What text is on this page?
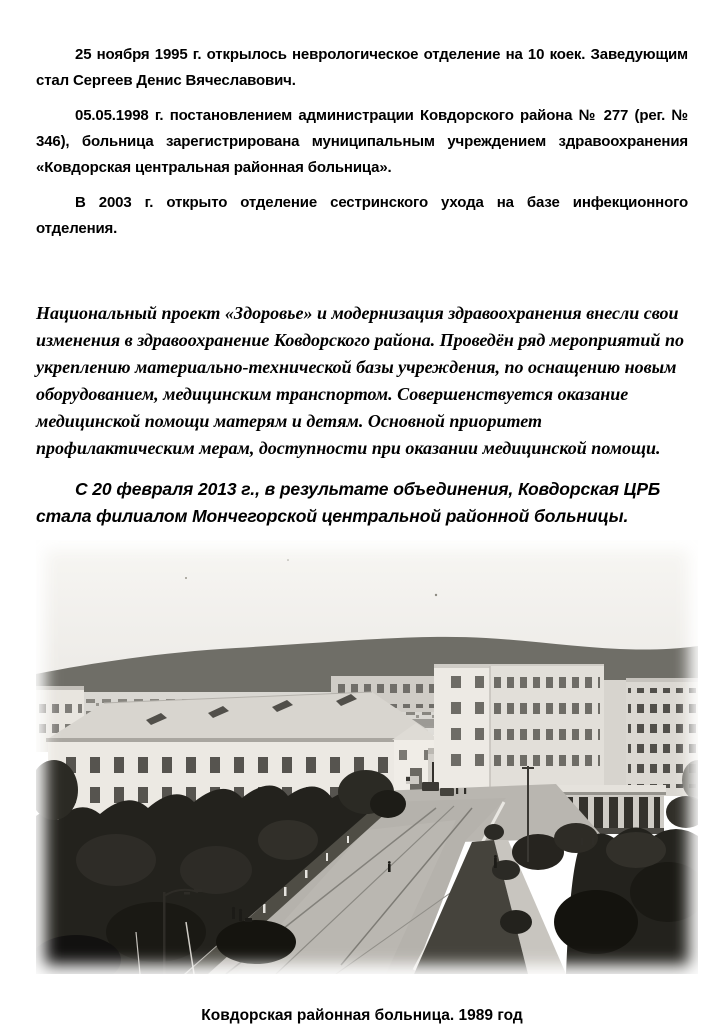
25 ноября 1995 г. открылось неврологическое отделение на 10 коек. Заведующим стал Сергеев Денис Вячеславович.

05.05.1998 г. постановлением администрации Ковдорского района № 277 (рег. № 346), больница зарегистрирована муниципальным учреждением здравоохранения «Ковдорская центральная районная больница».

В 2003 г. открыто отделение сестринского ухода на базе инфекционного отделения.

Национальный проект «Здоровье» и модернизация здравоохранения внесли свои изменения в здравоохранение Ковдорского района. Проведён ряд мероприятий по укреплению материально-технической базы учреждения, по оснащению новым оборудованием, медицинским транспортом. Совершенствуется оказание медицинской помощи матерям и детям. Основной приоритет профилактическим мерам, доступности при оказании медицинской помощи.

С 20 февраля 2013 г., в результате объединения, Ковдорская ЦРБ стала филиалом Мончегорской центральной районной больницы.

Ковдорская районная больница. 1989 год
